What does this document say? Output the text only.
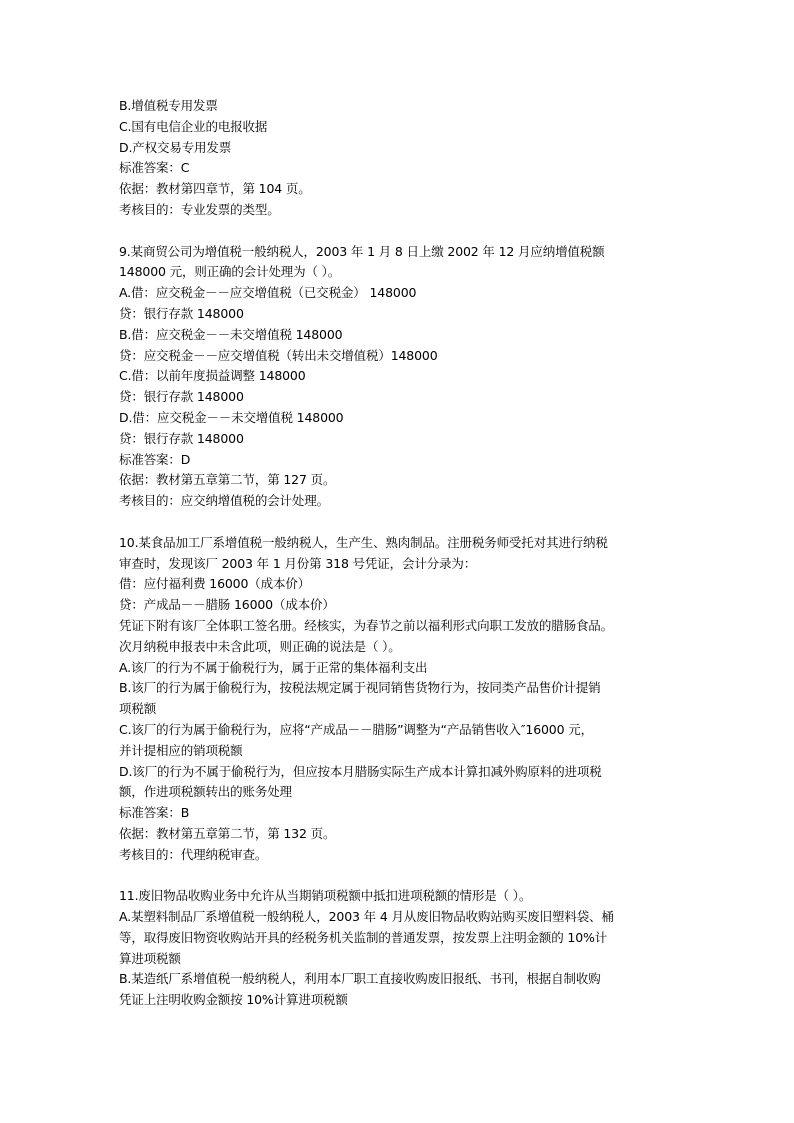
B.增值税专用发票
C.国有电信企业的电报收据
D.产权交易专用发票
标准答案：C
依据：教材第四章节，第 104 页。
考核目的：专业发票的类型。
9.某商贸公司为增值税一般纳税人，2003 年 1 月 8 日上缴 2002 年 12 月应纳增值税额
148000 元，则正确的会计处理为（ ）。
A.借：应交税金－－应交增值税（已交税金） 148000
贷：银行存款 148000
B.借：应交税金－－未交增值税 148000
贷：应交税金－－应交增值税（转出未交增值税）148000
C.借：以前年度损益调整 148000
贷：银行存款 148000
D.借：应交税金－－未交增值税 148000
贷：银行存款 148000
标准答案：D
依据：教材第五章第二节，第 127 页。
考核目的：应交纳增值税的会计处理。
10.某食品加工厂系增值税一般纳税人，生产生、熟肉制品。注册税务师受托对其进行纳税
审查时，发现该厂 2003 年 1 月份第 318 号凭证，会计分录为：
借：应付福利费 16000（成本价）
贷：产成品－－腊肠 16000（成本价）
凭证下附有该厂全体职工签名册。经核实，为春节之前以福利形式向职工发放的腊肠食品。
次月纳税申报表中未含此项，则正确的说法是（ ）。
A.该厂的行为不属于偷税行为，属于正常的集体福利支出
B.该厂的行为属于偷税行为，按税法规定属于视同销售货物行为，按同类产品售价计提销
项税额
C.该厂的行为属于偷税行为，应将“产成品－－腊肠”调整为“产品销售收入″16000 元，
并计提相应的销项税额
D.该厂的行为不属于偷税行为，但应按本月腊肠实际生产成本计算扣减外购原料的进项税
额，作进项税额转出的账务处理
标准答案：B
依据：教材第五章第二节，第 132 页。
考核目的：代理纳税审查。
11.废旧物品收购业务中允许从当期销项税额中抵扣进项税额的情形是（ ）。
A.某塑料制品厂系增值税一般纳税人，2003 年 4 月从废旧物品收购站购买废旧塑料袋、桶
等，取得废旧物资收购站开具的经税务机关监制的普通发票，按发票上注明金额的 10%计
算进项税额
B.某造纸厂系增值税一般纳税人，利用本厂职工直接收购废旧报纸、书刊，根据自制收购
凭证上注明收购金额按 10%计算进项税额
